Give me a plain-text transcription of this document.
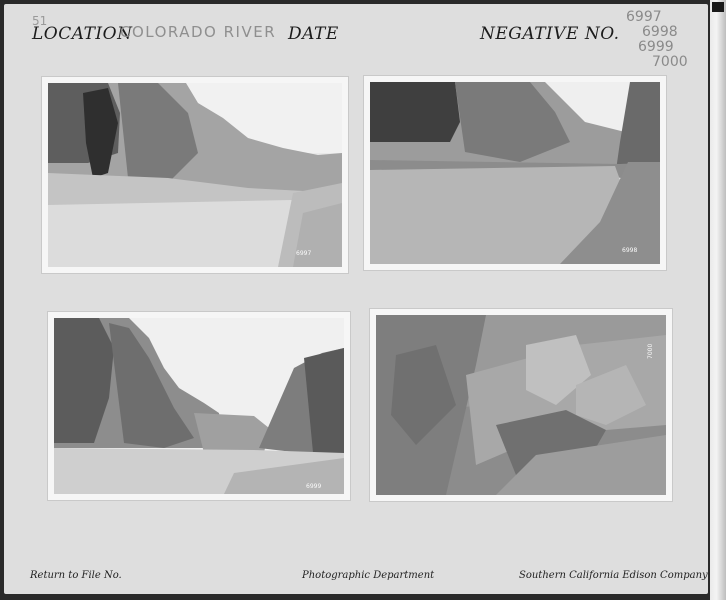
51
LOCATION
COLORADO RIVER DATE	NEGATIVE NO.
6997
6998
6999
7000
6997	6998
6999
7000
Return to File No.	Photographic Department	Southern California Edison Company
